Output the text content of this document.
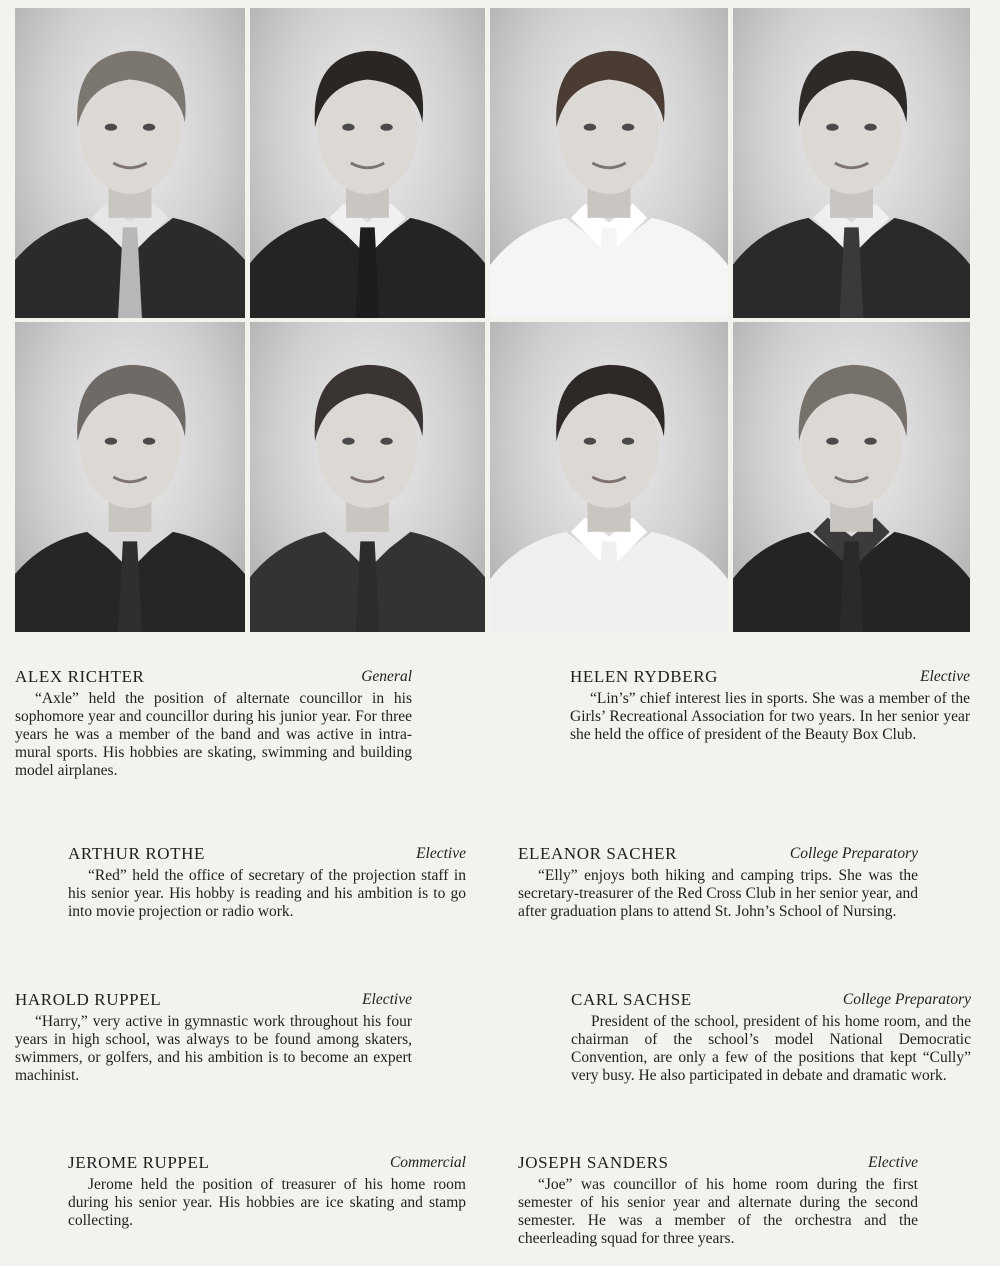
ALEX RICHTER	General

“Axle” held the position of alternate councillor in his sophomore year and councillor during his junior year. For three years he was a member of the band and was active in intra-mural sports. His hobbies are skating, swimming and building model airplanes.

HELEN RYDBERG	Elective

“Lin’s” chief interest lies in sports. She was a member of the Girls’ Recreational Association for two years. In her senior year she held the office of president of the Beauty Box Club.

ARTHUR ROTHE	Elective

“Red” held the office of secretary of the projection staff in his senior year. His hobby is reading and his ambition is to go into movie projection or radio work.

ELEANOR SACHER	College Preparatory

“Elly” enjoys both hiking and camping trips. She was the secretary-treasurer of the Red Cross Club in her senior year, and after graduation plans to attend St. John’s School of Nursing.

HAROLD RUPPEL	Elective

“Harry,” very active in gymnastic work throughout his four years in high school, was always to be found among skaters, swimmers, or golfers, and his ambition is to become an expert machinist.

CARL SACHSE	College Preparatory

President of the school, president of his home room, and the chairman of the school’s model National Democratic Convention, are only a few of the positions that kept “Cully” very busy. He also participated in debate and dramatic work.

JEROME RUPPEL	Commercial

Jerome held the position of treasurer of his home room during his senior year. His hobbies are ice skating and stamp collecting.

JOSEPH SANDERS	Elective

“Joe” was councillor of his home room during the first semester of his senior year and alternate during the second semester. He was a member of the orchestra and the cheerleading squad for three years.
